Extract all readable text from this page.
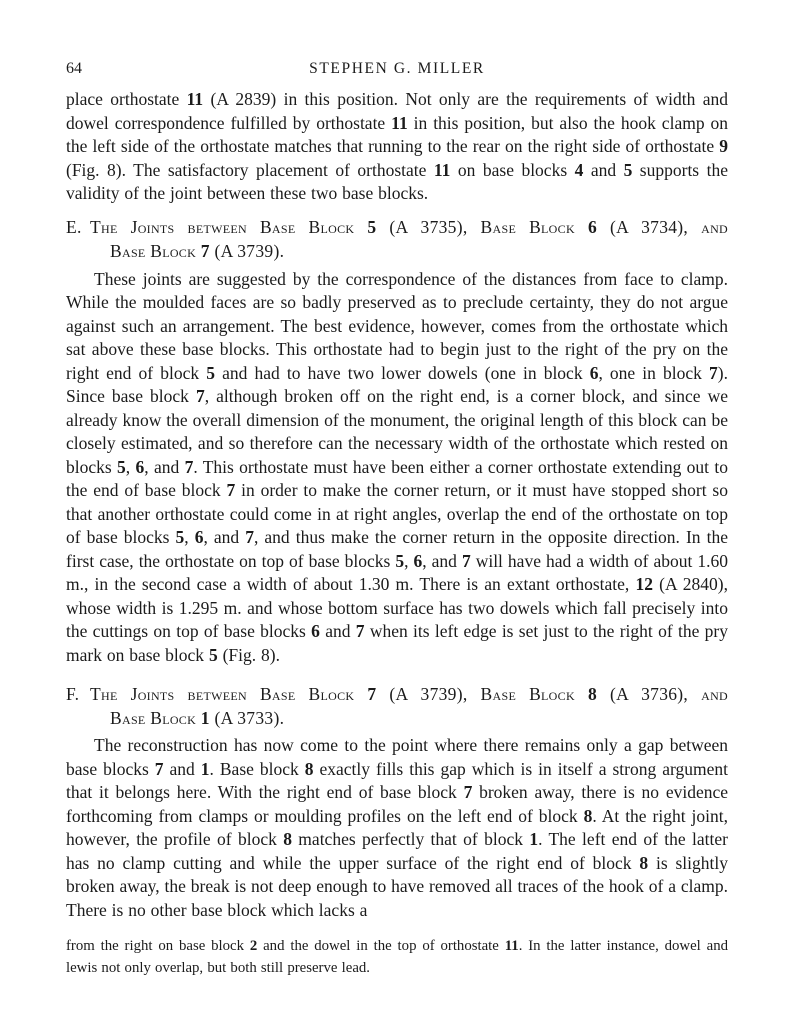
64	STEPHEN G. MILLER

place orthostate 11 (A 2839) in this position. Not only are the requirements of width and dowel correspondence fulfilled by orthostate 11 in this position, but also the hook clamp on the left side of the orthostate matches that running to the rear on the right side of orthostate 9 (Fig. 8). The satisfactory placement of orthostate 11 on base blocks 4 and 5 supports the validity of the joint between these two base blocks.

E. The Joints between Base Block 5 (A 3735), Base Block 6 (A 3734), and
Base Block 7 (A 3739).

These joints are suggested by the correspondence of the distances from face to clamp. While the moulded faces are so badly preserved as to preclude certainty, they do not argue against such an arrangement. The best evidence, however, comes from the orthostate which sat above these base blocks. This orthostate had to begin just to the right of the pry on the right end of block 5 and had to have two lower dowels (one in block 6, one in block 7). Since base block 7, although broken off on the right end, is a corner block, and since we already know the overall dimension of the monument, the original length of this block can be closely estimated, and so therefore can the necessary width of the orthostate which rested on blocks 5, 6, and 7. This orthostate must have been either a corner orthostate extending out to the end of base block 7 in order to make the corner return, or it must have stopped short so that another orthostate could come in at right angles, overlap the end of the orthostate on top of base blocks 5, 6, and 7, and thus make the corner return in the opposite direction. In the first case, the orthostate on top of base blocks 5, 6, and 7 will have had a width of about 1.60 m., in the second case a width of about 1.30 m. There is an extant orthostate, 12 (A 2840), whose width is 1.295 m. and whose bottom surface has two dowels which fall precisely into the cuttings on top of base blocks 6 and 7 when its left edge is set just to the right of the pry mark on base block 5 (Fig. 8).

F. The Joints between Base Block 7 (A 3739), Base Block 8 (A 3736), and
Base Block 1 (A 3733).

The reconstruction has now come to the point where there remains only a gap between base blocks 7 and 1. Base block 8 exactly fills this gap which is in itself a strong argument that it belongs here. With the right end of base block 7 broken away, there is no evidence forthcoming from clamps or moulding profiles on the left end of block 8. At the right joint, however, the profile of block 8 matches perfectly that of block 1. The left end of the latter has no clamp cutting and while the upper surface of the right end of block 8 is slightly broken away, the break is not deep enough to have removed all traces of the hook of a clamp. There is no other base block which lacks a

from the right on base block 2 and the dowel in the top of orthostate 11. In the latter instance, dowel and lewis not only overlap, but both still preserve lead.
